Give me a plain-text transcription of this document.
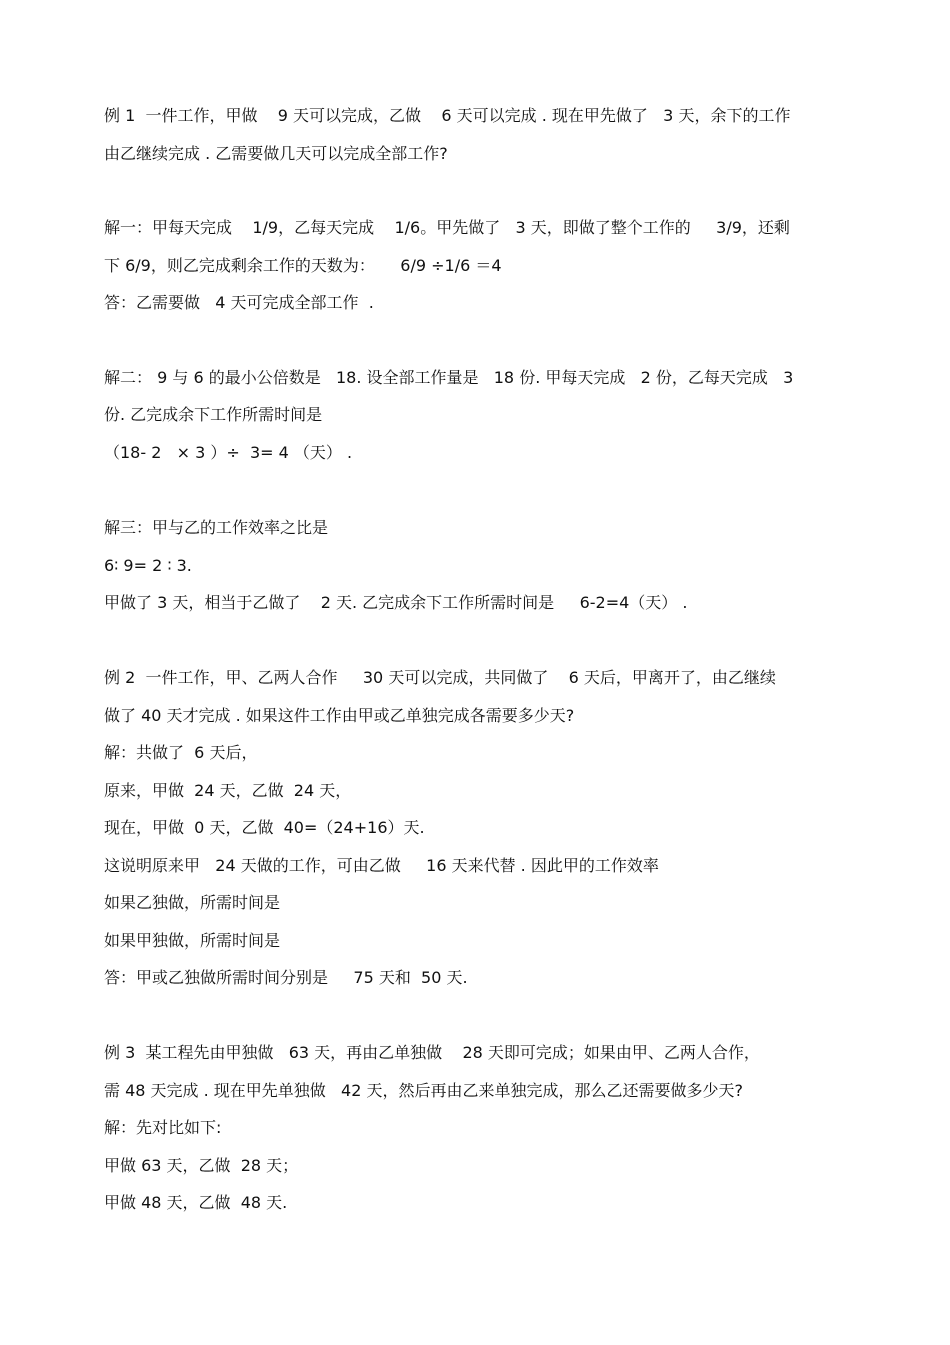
例 1  一件工作，甲做    9 天可以完成，乙做    6 天可以完成 . 现在甲先做了   3 天，余下的工作
由乙继续完成 . 乙需要做几天可以完成全部工作?
解一：甲每天完成    1/9，乙每天完成    1/6。甲先做了   3 天，即做了整个工作的     3/9，还剩
下 6/9，则乙完成剩余工作的天数为：     6/9 ÷1/6 ＝4
答：乙需要做   4 天可完成全部工作  .
解二： 9 与 6 的最小公倍数是   18. 设全部工作量是   18 份. 甲每天完成   2 份，乙每天完成   3
份. 乙完成余下工作所需时间是
（18- 2   × 3 ）÷  3= 4 （天） .
解三：甲与乙的工作效率之比是
6∶ 9= 2 ∶ 3.
甲做了 3 天，相当于乙做了    2 天. 乙完成余下工作所需时间是     6-2=4（天） .
例 2  一件工作，甲、乙两人合作     30 天可以完成，共同做了    6 天后，甲离开了，由乙继续
做了 40 天才完成 . 如果这件工作由甲或乙单独完成各需要多少天?
解：共做了  6 天后，
原来，甲做  24 天，乙做  24 天，
现在，甲做  0 天，乙做  40=（24+16）天.
这说明原来甲   24 天做的工作，可由乙做     16 天来代替 . 因此甲的工作效率
如果乙独做，所需时间是
如果甲独做，所需时间是
答：甲或乙独做所需时间分别是     75 天和  50 天.
例 3  某工程先由甲独做   63 天，再由乙单独做    28 天即可完成；如果由甲、乙两人合作，
需 48 天完成 . 现在甲先单独做   42 天，然后再由乙来单独完成，那么乙还需要做多少天?
解：先对比如下:
甲做 63 天，乙做  28 天；
甲做 48 天，乙做  48 天.
